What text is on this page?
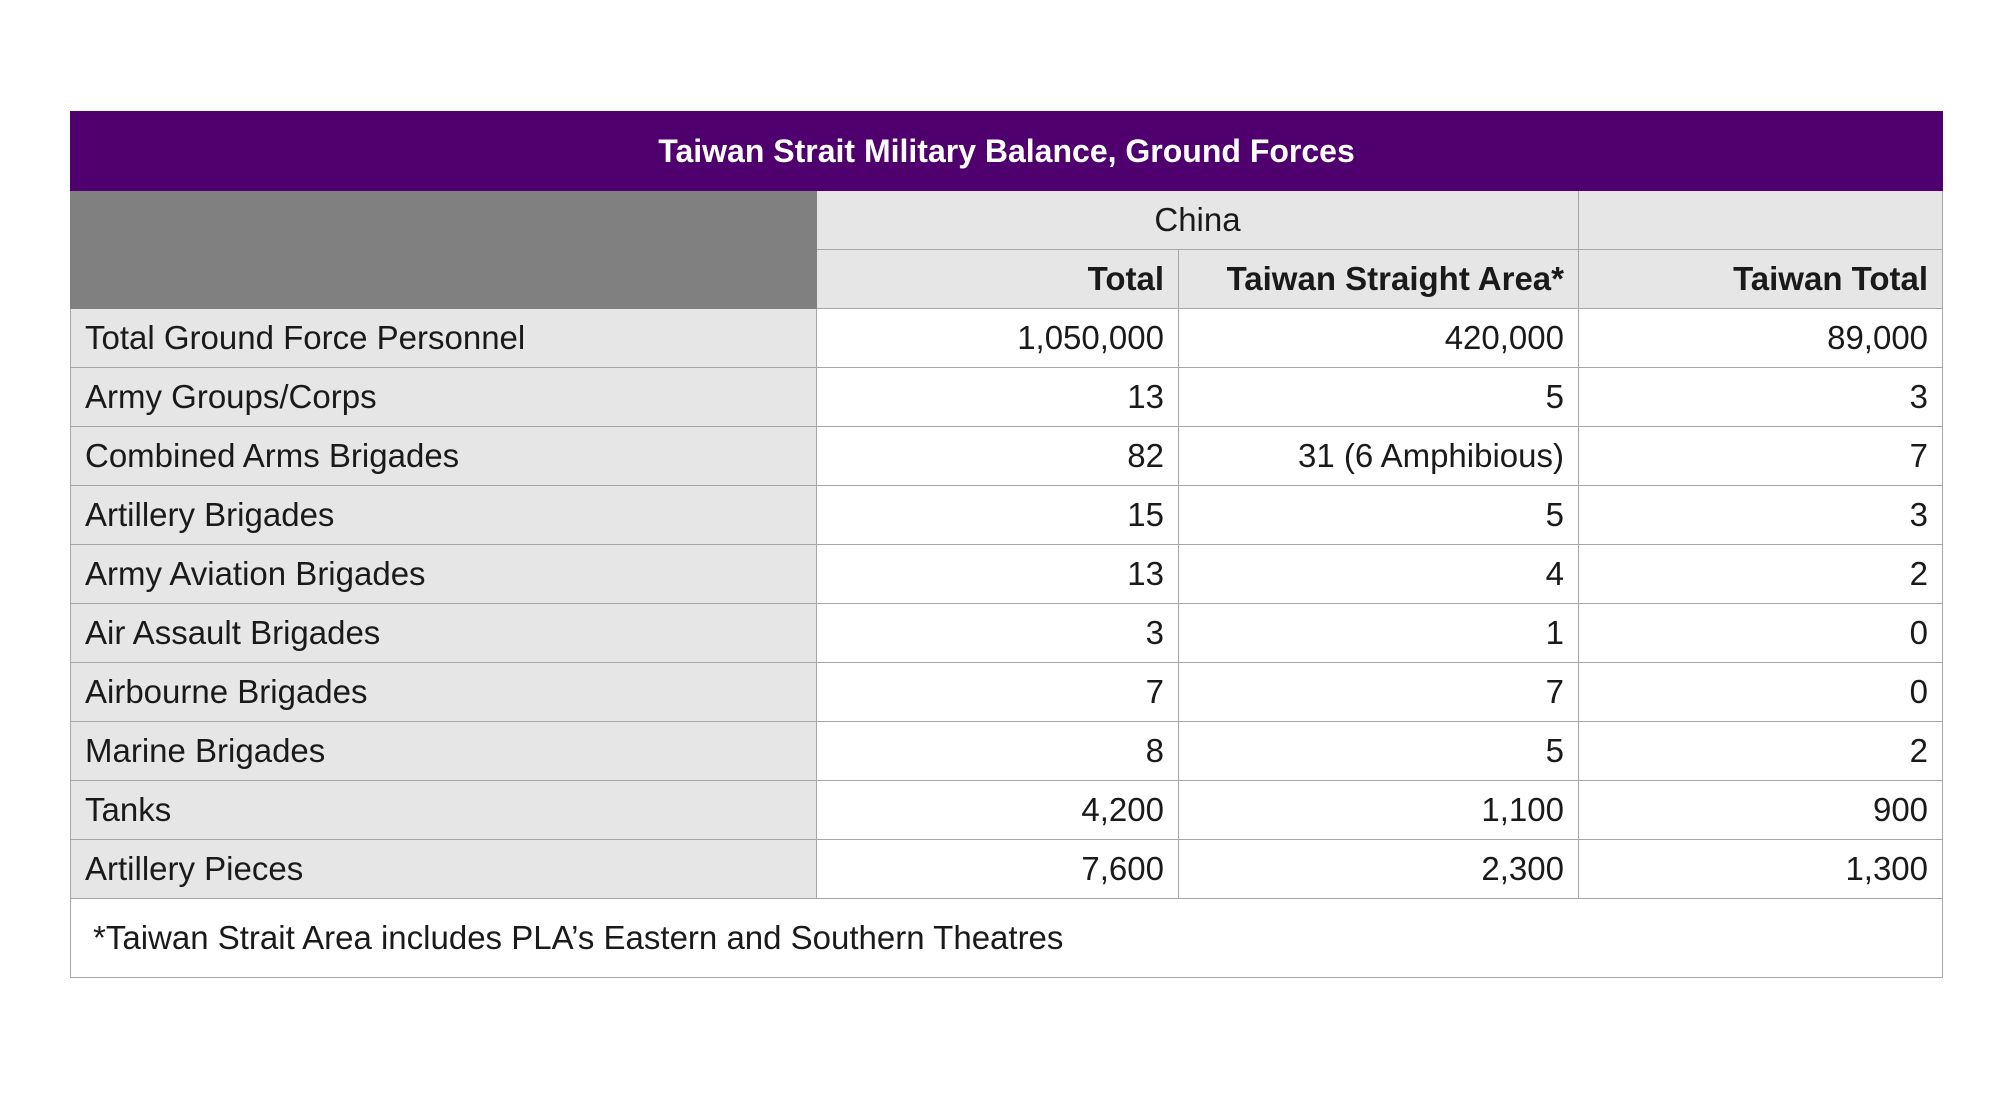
Taiwan Strait Military Balance, Ground Forces			
	China		
	Total	Taiwan Straight Area*	Taiwan Total
Total Ground Force Personnel	1,050,000	420,000	89,000
Army Groups/Corps	13	5	3
Combined Arms Brigades	82	31 (6 Amphibious)	7
Artillery Brigades	15	5	3
Army Aviation Brigades	13	4	2
Air Assault Brigades	3	1	0
Airbourne Brigades	7	7	0
Marine Brigades	8	5	2
Tanks	4,200	1,100	900
Artillery Pieces	7,600	2,300	1,300
*Taiwan Strait Area includes PLA’s Eastern and Southern Theatres			
